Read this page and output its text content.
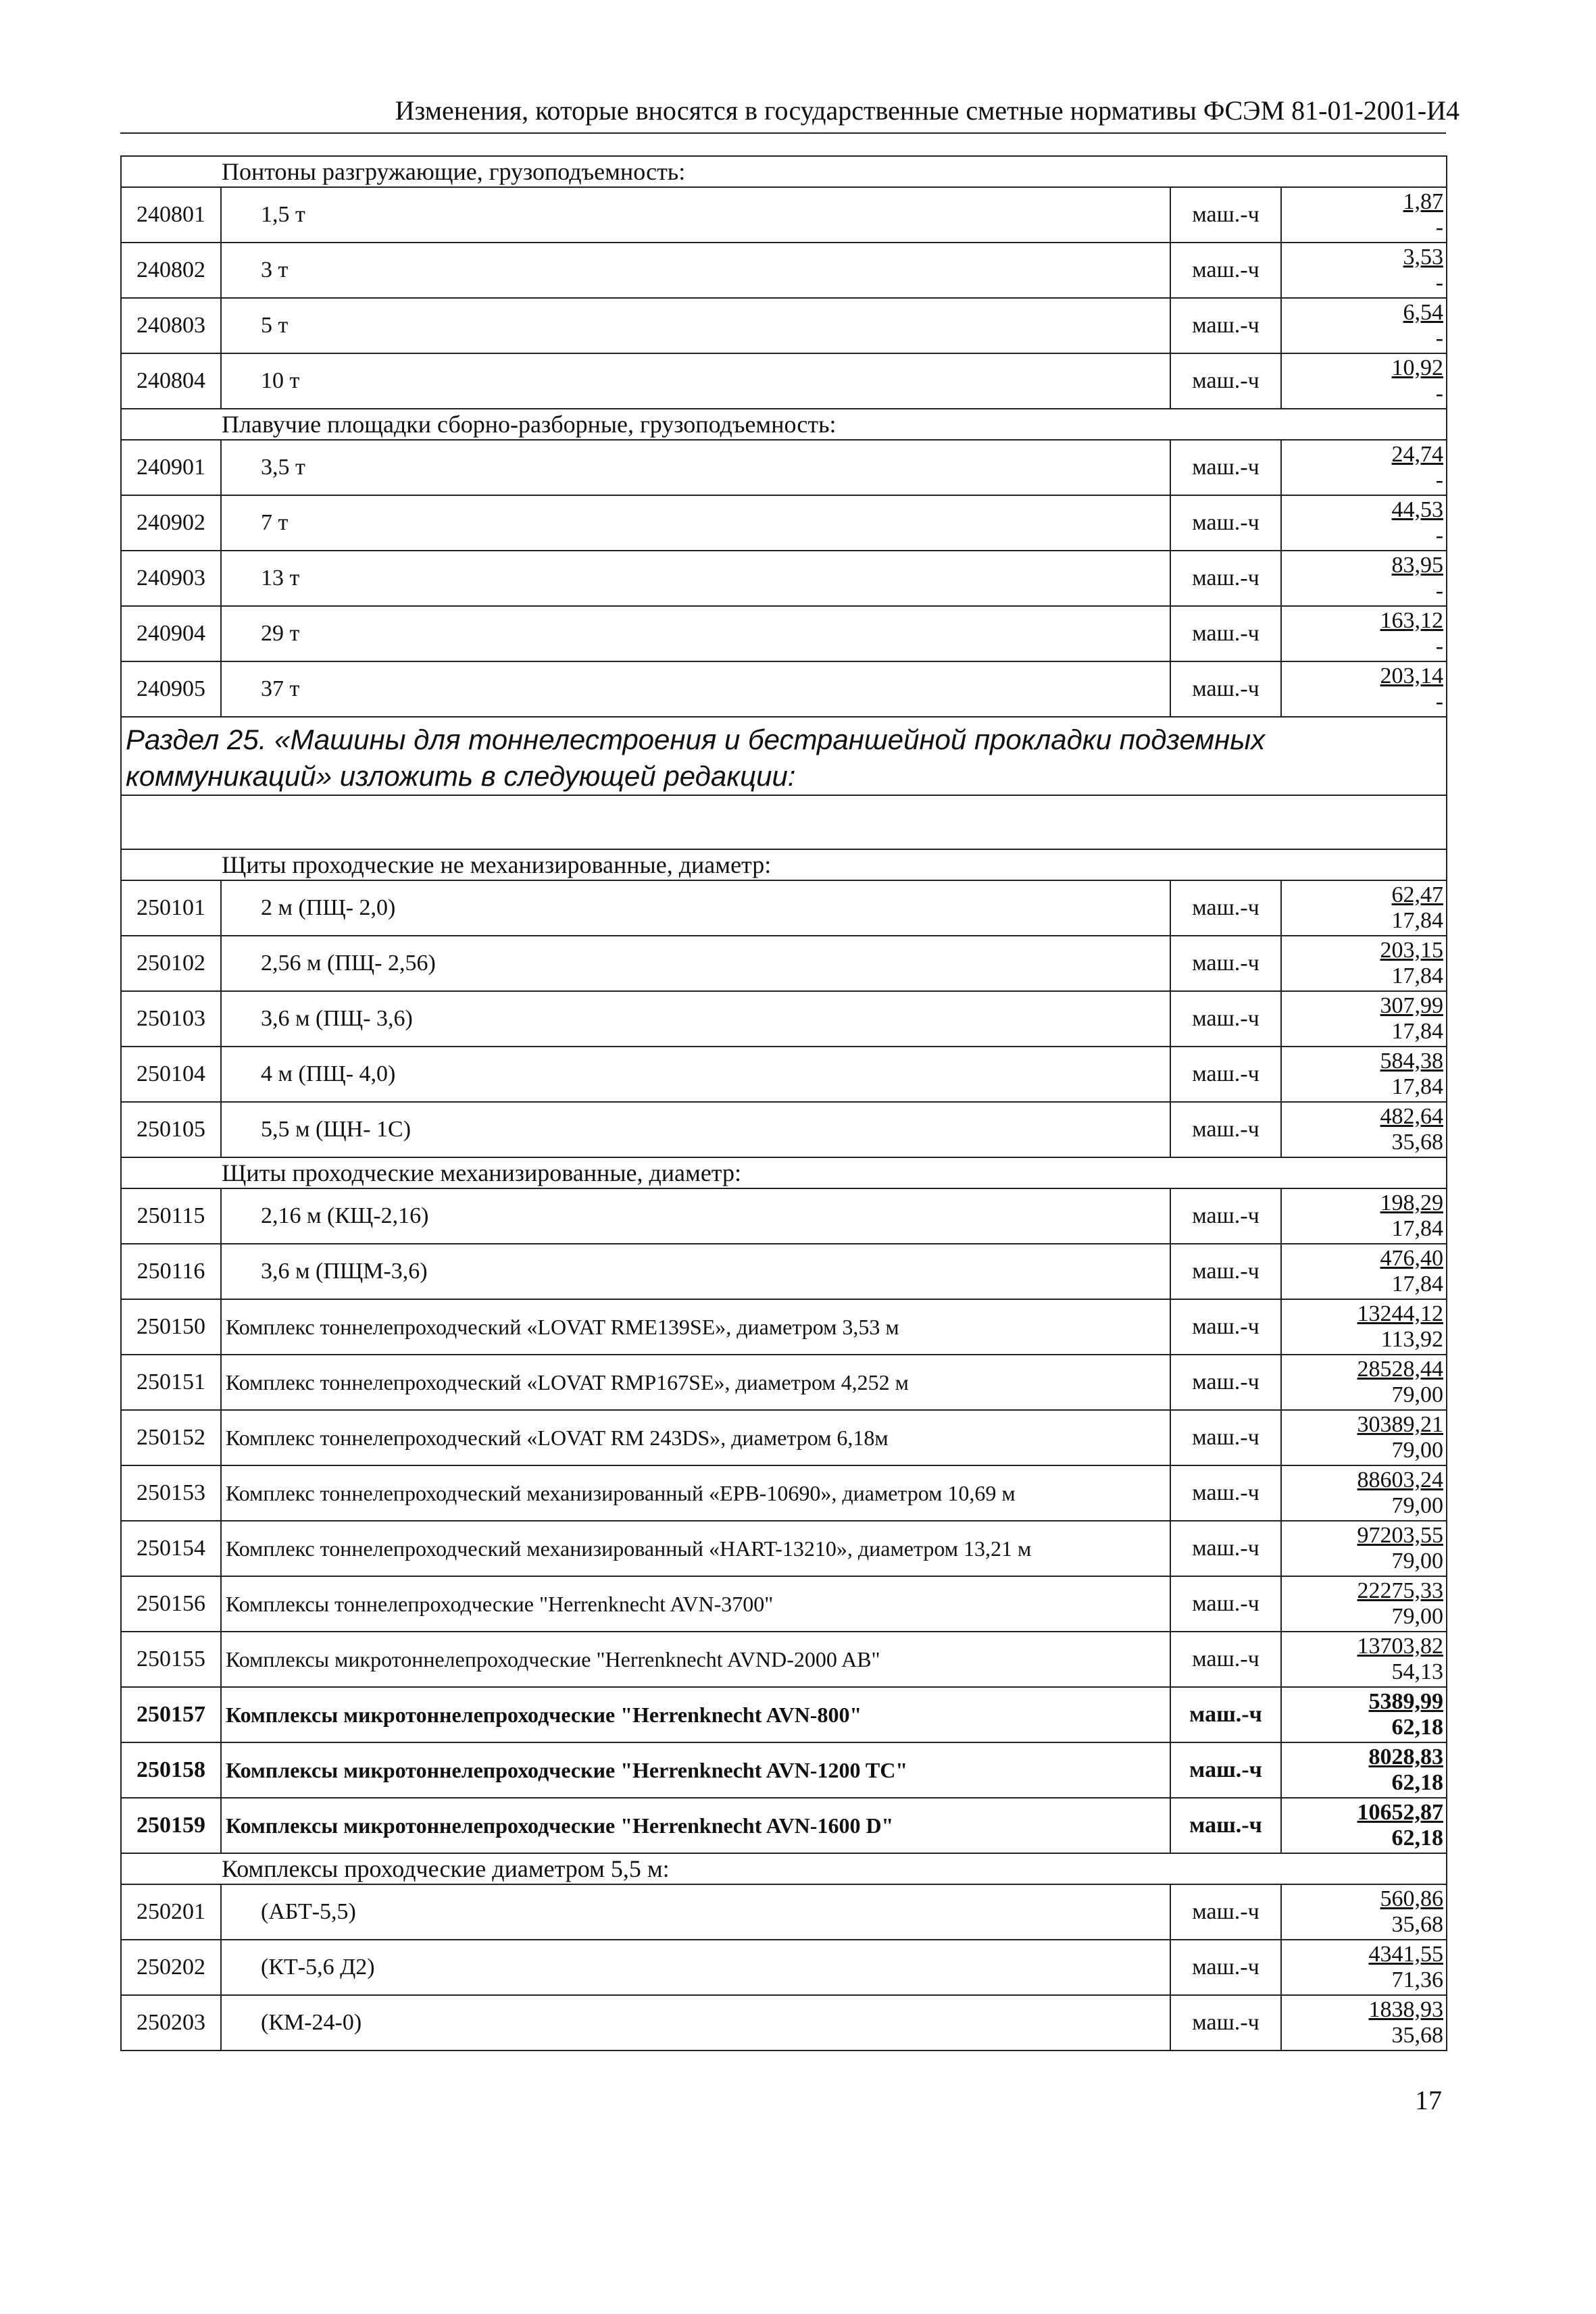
Изменения, которые вносятся в государственные сметные нормативы ФСЭМ 81-01-2001-И4
Понтоны разгружающие, грузоподъемность:			
240801	1,5 т	маш.-ч	1,87
-

240802	3 т	маш.-ч	3,53
-

240803	5 т	маш.-ч	6,54
-

240804	10 т	маш.-ч	10,92
-

Плавучие площадки сборно-разборные, грузоподъемность:			
240901	3,5 т	маш.-ч	24,74
-

240902	7 т	маш.-ч	44,53
-

240903	13 т	маш.-ч	83,95
-

240904	29 т	маш.-ч	163,12
-

240905	37 т	маш.-ч	203,14
-

Раздел 25. «Машины для тоннелестроения и бестраншейной прокладки подземных коммуникаций» изложить в следующей редакции:			

Щиты проходческие не механизированные, диаметр:			
250101	2 м (ПЩ- 2,0)	маш.-ч	62,47
17,84

250102	2,56 м (ПЩ- 2,56)	маш.-ч	203,15
17,84

250103	3,6 м (ПЩ- 3,6)	маш.-ч	307,99
17,84

250104	4 м (ПЩ- 4,0)	маш.-ч	584,38
17,84

250105	5,5 м (ЩН- 1С)	маш.-ч	482,64
35,68

Щиты проходческие механизированные, диаметр:			
250115	2,16 м (КЩ-2,16)	маш.-ч	198,29
17,84

250116	3,6 м (ПЩМ-3,6)	маш.-ч	476,40
17,84

250150	Комплекс тоннелепроходческий «LOVAT RME139SE», диаметром 3,53 м	маш.-ч	13244,12
113,92

250151	Комплекс тоннелепроходческий «LOVAT RMP167SE», диаметром 4,252 м	маш.-ч	28528,44
79,00

250152	Комплекс тоннелепроходческий «LOVAT RM 243DS», диаметром 6,18м	маш.-ч	30389,21
79,00

250153	Комплекс тоннелепроходческий механизированный «EPB-10690», диаметром 10,69 м	маш.-ч	88603,24
79,00

250154	Комплекс тоннелепроходческий механизированный «HART-13210», диаметром 13,21 м	маш.-ч	97203,55
79,00

250156	Комплексы тоннелепроходческие "Herrenknecht AVN-3700"	маш.-ч	22275,33
79,00

250155	Комплексы микротоннелепроходческие "Herrenknecht AVND-2000 AB"	маш.-ч	13703,82
54,13

250157	Комплексы микротоннелепроходческие "Herrenknecht AVN-800"	маш.-ч	5389,99
62,18

250158	Комплексы микротоннелепроходческие "Herrenknecht AVN-1200 TC"	маш.-ч	8028,83
62,18

250159	Комплексы микротоннелепроходческие "Herrenknecht AVN-1600 D"	маш.-ч	10652,87
62,18

Комплексы проходческие диаметром 5,5 м:			
250201	(АБТ-5,5)	маш.-ч	560,86
35,68

250202	(КТ-5,6 Д2)	маш.-ч	4341,55
71,36

250203	(КМ-24-0)	маш.-ч	1838,93
35,68
17
